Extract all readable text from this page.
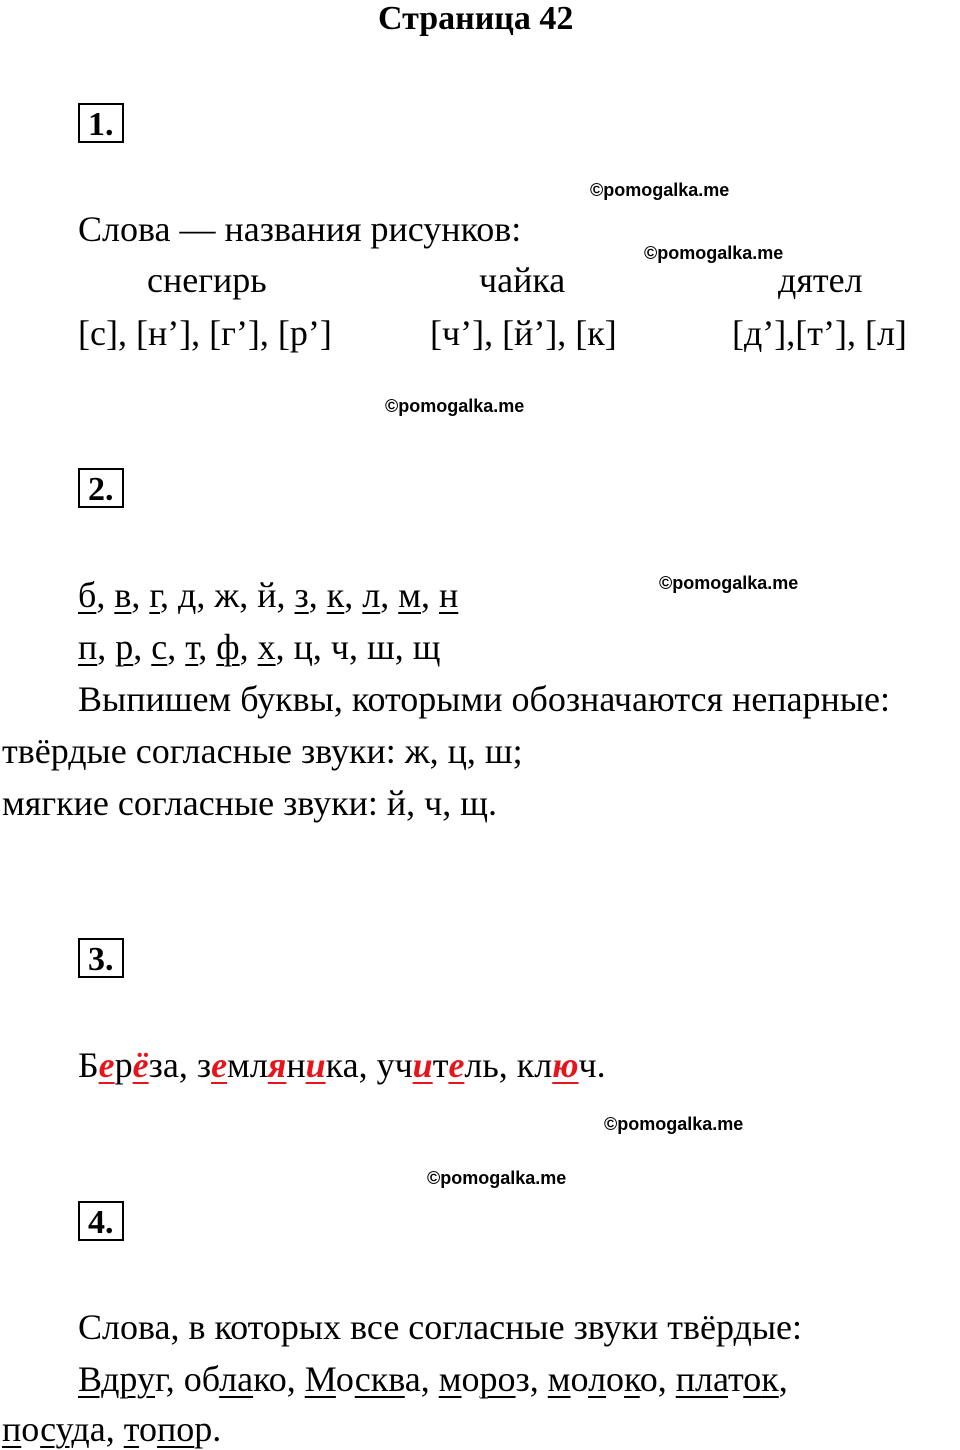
Страница 42
1.
©pomogalka.me
Слова — названия рисунков:
©pomogalka.me
снегирь	чайка	дятел
[с], [н’], [г’], [р’]	[ч’], [й’], [к]	[д’],[т’], [л]
©pomogalka.me
2.
б, в, г, д, ж, й, з, к, л, м, н	©pomogalka.me
п, р, с, т, ф, х, ц, ч, ш, щ
Выпишем буквы, которыми обозначаются непарные:
твёрдые согласные звуки: ж, ц, ш;
мягкие согласные звуки: й, ч, щ.
3.
Берёза, земляника, учитель, ключ.
©pomogalka.me
©pomogalka.me
4.
Слова, в которых все согласные звуки твёрдые:
Вдруг, облако, Москва, мороз, молоко, платок,
посуда, топор.
